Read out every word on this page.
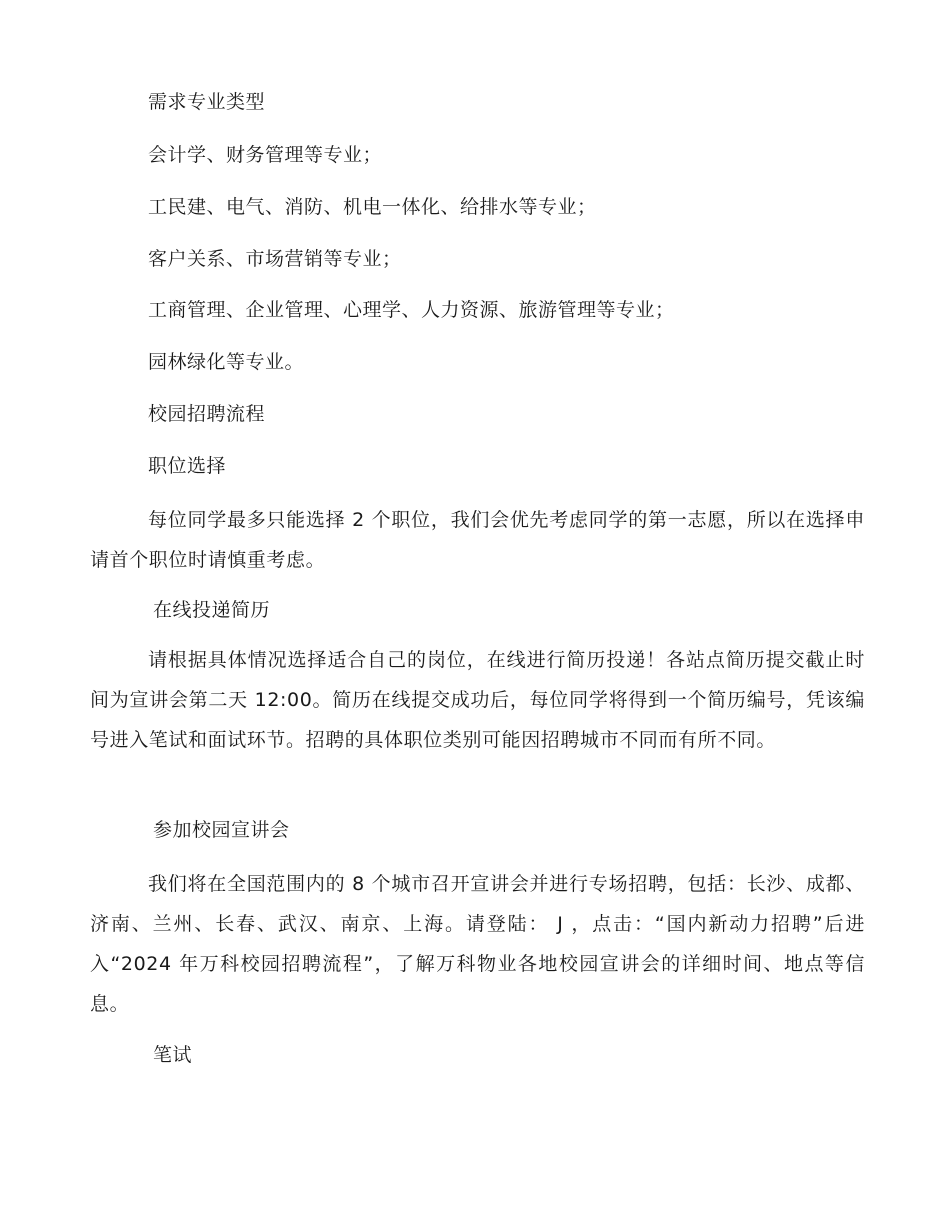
需求专业类型
会计学、财务管理等专业；
工民建、电气、消防、机电一体化、给排水等专业；
客户关系、市场营销等专业；
工商管理、企业管理、心理学、人力资源、旅游管理等专业；
园林绿化等专业。
校园招聘流程
职位选择
每位同学最多只能选择 2 个职位，我们会优先考虑同学的第一志愿，所以在选择申请首个职位时请慎重考虑。
在线投递简历
请根据具体情况选择适合自己的岗位，在线进行简历投递！各站点简历提交截止时间为宣讲会第二天 12:00。简历在线提交成功后，每位同学将得到一个简历编号，凭该编号进入笔试和面试环节。招聘的具体职位类别可能因招聘城市不同而有所不同。
参加校园宣讲会
我们将在全国范围内的 8 个城市召开宣讲会并进行专场招聘，包括：长沙、成都、济南、兰州、长春、武汉、南京、上海。请登陆： J ，点击：“国内新动力招聘”后进入“2024 年万科校园招聘流程”，了解万科物业各地校园宣讲会的详细时间、地点等信息。
笔试
